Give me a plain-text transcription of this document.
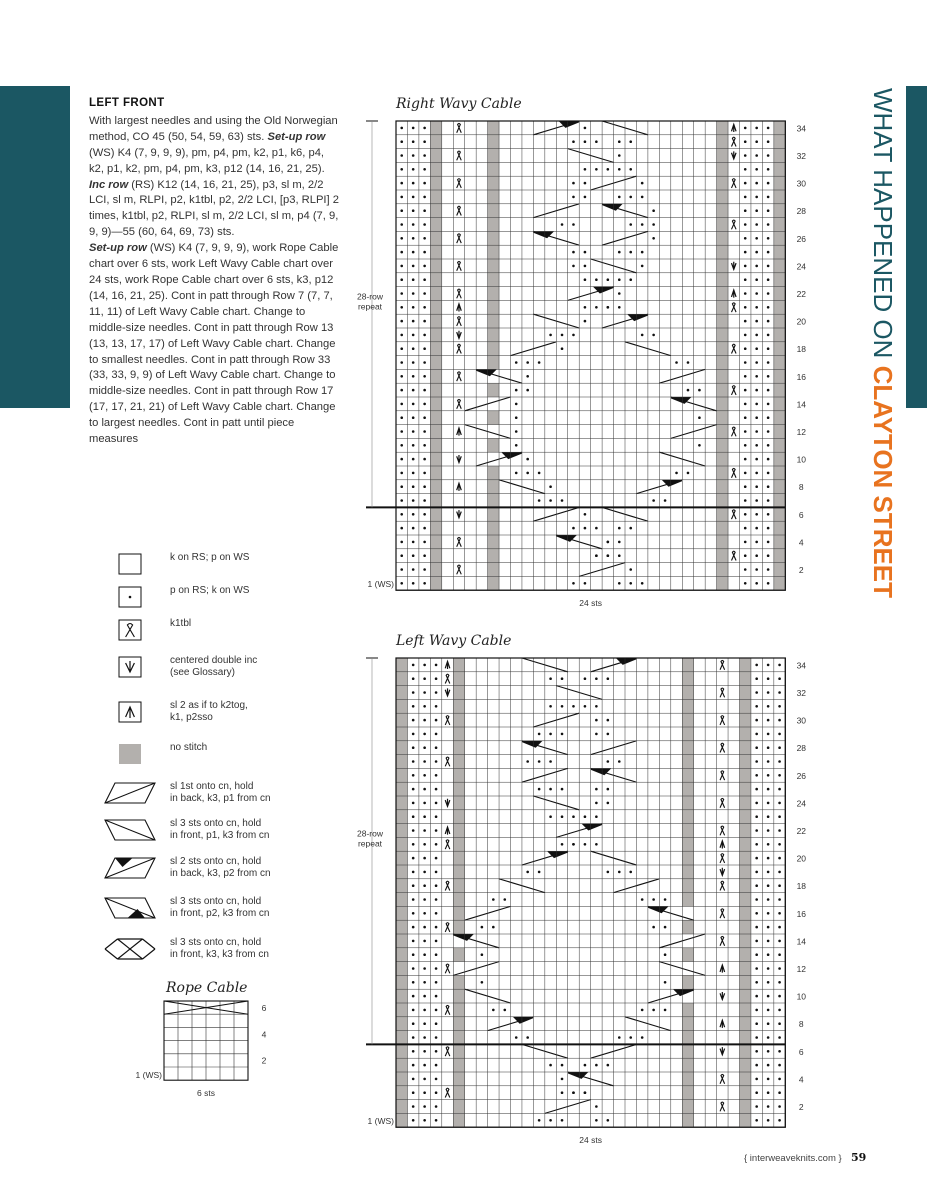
WHAT HAPPENED ON CLAYTON STREET
LEFT FRONT

With largest needles and using the Old Norwegian method, CO 45 (50, 54, 59, 63) sts. Set-up row (WS) K4 (7, 9, 9, 9), pm, p4, pm, k2, p1, k6, p4, k2, p1, k2, pm, p4, pm, k3, p12 (14, 16, 21, 25). Inc row (RS) K12 (14, 16, 21, 25), p3, sl m, 2/2 LCI, sl m, RLPI, p2, k1tbl, p2, 2/2 LCI, [p3, RLPI] 2 times, k1tbl, p2, RLPI, sl m, 2/2 LCI, sl m, p4 (7, 9, 9, 9)—55 (60, 64, 69, 73) sts.

Set-up row (WS) K4 (7, 9, 9, 9), work Rope Cable chart over 6 sts, work Left Wavy Cable chart over 24 sts, work Rope Cable chart over 6 sts, k3, p12 (14, 16, 21, 25). Cont in patt through Row 7 (7, 7, 11, 11) of Left Wavy Cable chart. Change to middle-size needles. Cont in patt through Row 13 (13, 13, 17, 17) of Left Wavy Cable chart. Change to smallest needles. Cont in patt through Row 33 (33, 33, 9, 9) of Left Wavy Cable chart. Change to middle-size needles. Cont in patt through Row 17 (17, 17, 21, 21) of Left Wavy Cable chart. Change to largest needles. Cont in patt until piece measures

Right Wavy Cable
28-row repeat
34
32
30
28
26
24
22
20
18
16
14
12
10
8
6
4
2
1 (WS)
24 sts
Left Wavy Cable
28-row repeat
34
32
30
28
26
24
22
20
18
16
14
12
10
8
6
4
2
1 (WS)
24 sts
Rope Cable
6
4
2
1 (WS)
6 sts
k on RS; p on WS
p on RS; k on WS
k1tbl
centered double inc
(see Glossary)
sl 2 as if to k2tog,
k1, p2sso
no stitch
sl 1st onto cn, hold
in back, k3, p1 from cn
sl 3 sts onto cn, hold
in front, p1, k3 from cn
sl 2 sts onto cn, hold
in back, k3, p2 from cn
sl 3 sts onto cn, hold
in front, p2, k3 from cn
sl 3 sts onto cn, hold
in front, k3, k3 from cn
{ interweaveknits.com } 59
